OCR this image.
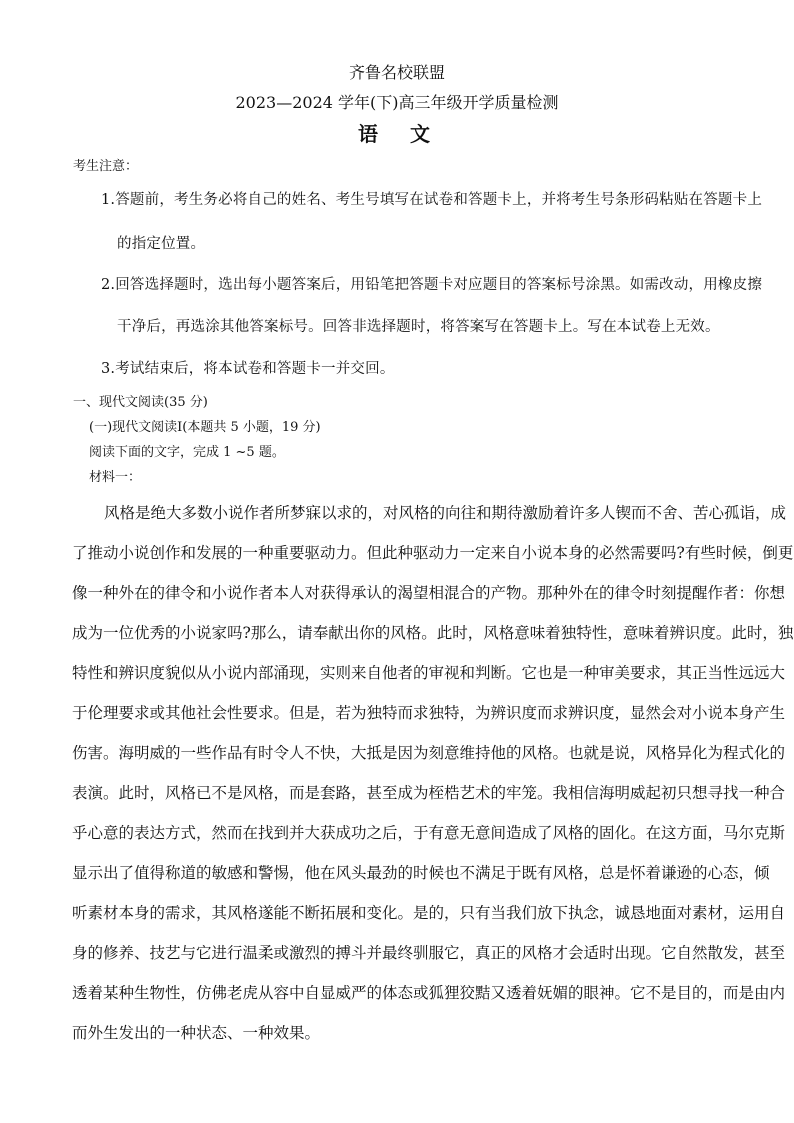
齐鲁名校联盟
2023—2024 学年(下)高三年级开学质量检测
语　文
考生注意：
1.答题前，考生务必将自己的姓名、考生号填写在试卷和答题卡上，并将考生号条形码粘贴在答题卡上
的指定位置。
2.回答选择题时，选出每小题答案后，用铅笔把答题卡对应题目的答案标号涂黑。如需改动，用橡皮擦
干净后，再选涂其他答案标号。回答非选择题时，将答案写在答题卡上。写在本试卷上无效。
3.考试结束后，将本试卷和答题卡一并交回。
一、现代文阅读(35 分)
(一)现代文阅读Ⅰ(本题共 5 小题，19 分)
阅读下面的文字，完成 1 ~5 题。
材料一：
风格是绝大多数小说作者所梦寐以求的，对风格的向往和期待激励着许多人锲而不舍、苦心孤诣，成
了推动小说创作和发展的一种重要驱动力。但此种驱动力一定来自小说本身的必然需要吗?有些时候，倒更
像一种外在的律令和小说作者本人对获得承认的渴望相混合的产物。那种外在的律令时刻提醒作者：你想
成为一位优秀的小说家吗?那么，请奉献出你的风格。此时，风格意味着独特性，意味着辨识度。此时，独
特性和辨识度貌似从小说内部涌现，实则来自他者的审视和判断。它也是一种审美要求，其正当性远远大
于伦理要求或其他社会性要求。但是，若为独特而求独特，为辨识度而求辨识度，显然会对小说本身产生
伤害。海明威的一些作品有时令人不快，大抵是因为刻意维持他的风格。也就是说，风格异化为程式化的
表演。此时，风格已不是风格，而是套路，甚至成为桎梏艺术的牢笼。我相信海明威起初只想寻找一种合
乎心意的表达方式，然而在找到并大获成功之后，于有意无意间造成了风格的固化。在这方面，马尔克斯
显示出了值得称道的敏感和警惕，他在风头最劲的时候也不满足于既有风格，总是怀着谦逊的心态，倾
听素材本身的需求，其风格遂能不断拓展和变化。是的，只有当我们放下执念，诚恳地面对素材，运用自
身的修养、技艺与它进行温柔或激烈的搏斗并最终驯服它，真正的风格才会适时出现。它自然散发，甚至
透着某种生物性，仿佛老虎从容中自显威严的体态或狐狸狡黠又透着妩媚的眼神。它不是目的，而是由内
而外生发出的一种状态、一种效果。
